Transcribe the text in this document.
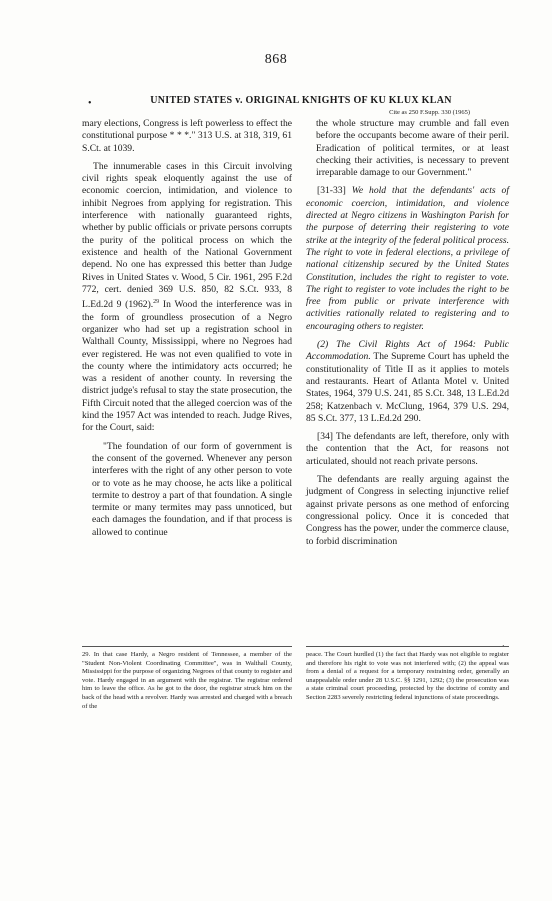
868
•	UNITED STATES v. ORIGINAL KNIGHTS OF KU KLUX KLAN
Cite as 250 F.Supp. 330 (1965)

mary elections, Congress is left powerless to effect the constitutional purpose * * *." 313 U.S. at 318, 319, 61 S.Ct. at 1039.

The innumerable cases in this Circuit involving civil rights speak eloquently against the use of economic coercion, intimidation, and violence to inhibit Negroes from applying for registration. This interference with nationally guaranteed rights, whether by public officials or private persons corrupts the purity of the political process on which the existence and health of the National Government depend. No one has expressed this better than Judge Rives in United States v. Wood, 5 Cir. 1961, 295 F.2d 772, cert. denied 369 U.S. 850, 82 S.Ct. 933, 8 L.Ed.2d 9 (1962).$^{29}$ In Wood the interference was in the form of groundless prosecution of a Negro organizer who had set up a registration school in Walthall County, Mississippi, where no Negroes had ever registered. He was not even qualified to vote in the county where the intimidatory acts occurred; he was a resident of another county. In reversing the district judge's refusal to stay the state prosecution, the Fifth Circuit noted that the alleged coercion was of the kind the 1957 Act was intended to reach. Judge Rives, for the Court, said:

"The foundation of our form of government is the consent of the governed. Whenever any person interferes with the right of any other person to vote or to vote as he may choose, he acts like a political termite to destroy a part of that foundation. A single termite or many termites may pass unnoticed, but each damages the foundation, and if that process is allowed to continue

the whole structure may crumble and fall even before the occupants become aware of their peril. Eradication of political termites, or at least checking their activities, is necessary to prevent irreparable damage to our Government."

[31-33] We hold that the defendants' acts of economic coercion, intimidation, and violence directed at Negro citizens in Washington Parish for the purpose of deterring their registering to vote strike at the integrity of the federal political process. The right to vote in federal elections, a privilege of national citizenship secured by the United States Constitution, includes the right to register to vote. The right to register to vote includes the right to be free from public or private interference with activities rationally related to registering and to encouraging others to register.

(2) The Civil Rights Act of 1964: Public Accommodation. The Supreme Court has upheld the constitutionality of Title II as it applies to motels and restaurants. Heart of Atlanta Motel v. United States, 1964, 379 U.S. 241, 85 S.Ct. 348, 13 L.Ed.2d 258; Katzenbach v. McClung, 1964, 379 U.S. 294, 85 S.Ct. 377, 13 L.Ed.2d 290.

[34] The defendants are left, therefore, only with the contention that the Act, for reasons not articulated, should not reach private persons.

The defendants are really arguing against the judgment of Congress in selecting injunctive relief against private persons as one method of enforcing congressional policy. Once it is conceded that Congress has the power, under the commerce clause, to forbid discrimination

‚

29. In that case Hardy, a Negro resident of Tennessee, a member of the "Student Non-Violent Coordinating Committee", was in Walthall County, Mississippi for the purpose of organizing Negroes of that county to register and vote. Hardy engaged in an argument with the registrar. The registrar ordered him to leave the office. As he got to the door, the registrar struck him on the back of the head with a revolver. Hardy was arrested and charged with a breach of the

peace. The Court hurdled (1) the fact that Hardy was not eligible to register and therefore his right to vote was not interfered with; (2) the appeal was from a denial of a request for a temporary restraining order, generally an unappealable order under 28 U.S.C. §§ 1291, 1292; (3) the prosecution was a state criminal court proceeding, protected by the doctrine of comity and Section 2283 severely restricting federal injunctions of state proceedings.
